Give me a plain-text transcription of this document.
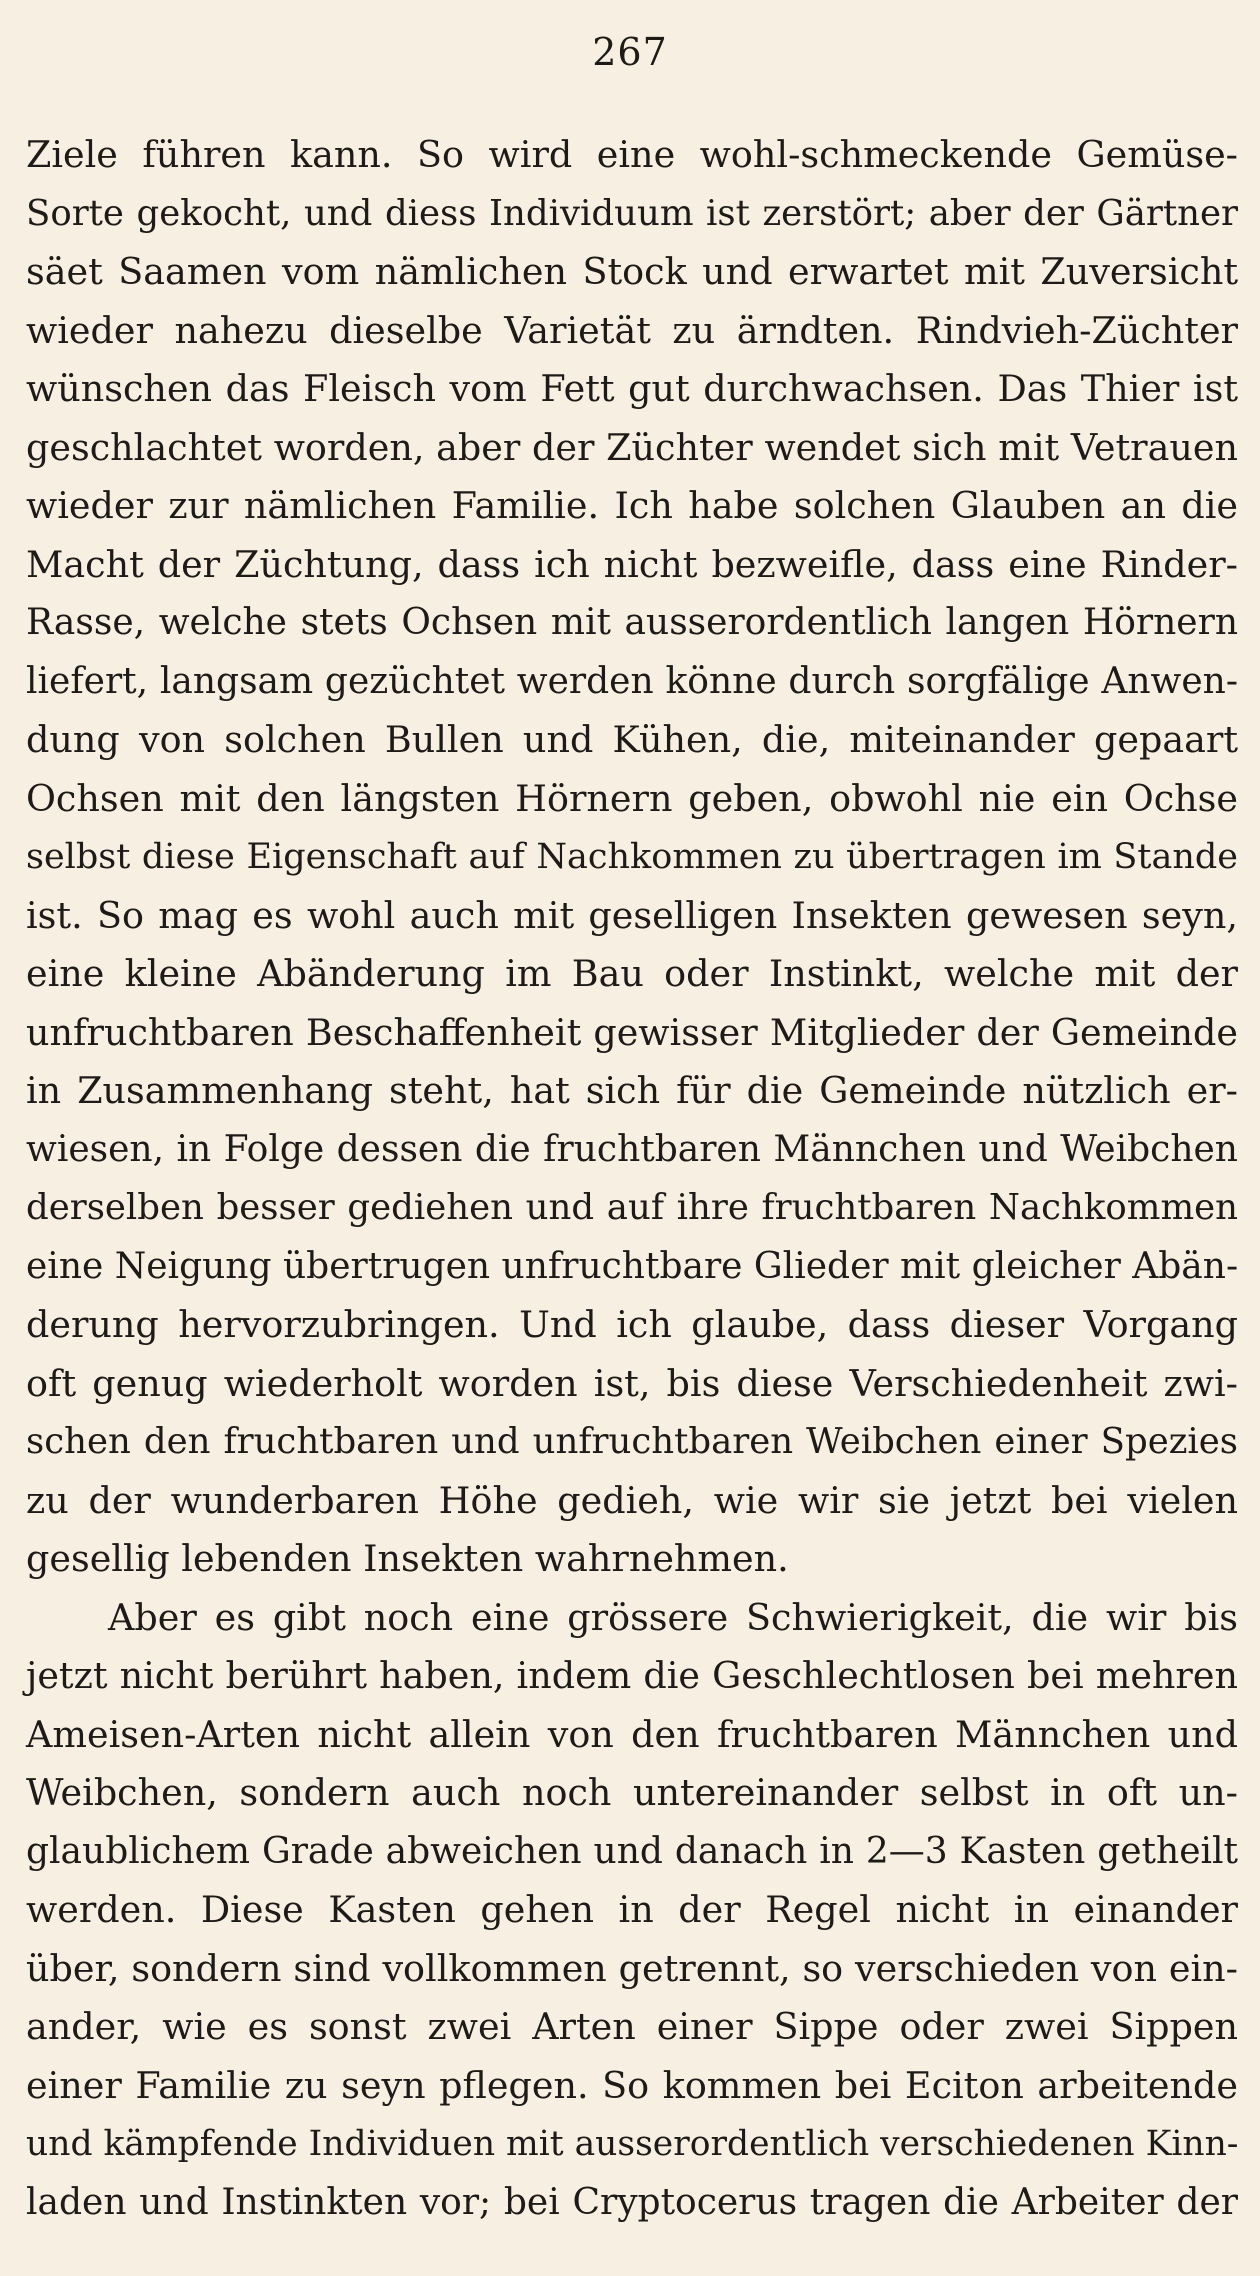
267
Ziele führen kann. So wird eine wohl-schmeckende Gemüse-
Sorte gekocht, und diess Individuum ist zerstört; aber der Gärtner
säet Saamen vom nämlichen Stock und erwartet mit Zuversicht
wieder nahezu dieselbe Varietät zu ärndten. Rindvieh-Züchter
wünschen das Fleisch vom Fett gut durchwachsen. Das Thier ist
geschlachtet worden, aber der Züchter wendet sich mit Vetrauen
wieder zur nämlichen Familie. Ich habe solchen Glauben an die
Macht der Züchtung, dass ich nicht bezweifle, dass eine Rinder-
Rasse, welche stets Ochsen mit ausserordentlich langen Hörnern
liefert, langsam gezüchtet werden könne durch sorgfälige Anwen-
dung von solchen Bullen und Kühen, die, miteinander gepaart
Ochsen mit den längsten Hörnern geben, obwohl nie ein Ochse
selbst diese Eigenschaft auf Nachkommen zu übertragen im Stande
ist. So mag es wohl auch mit geselligen Insekten gewesen seyn,
eine kleine Abänderung im Bau oder Instinkt, welche mit der
unfruchtbaren Beschaffenheit gewisser Mitglieder der Gemeinde
in Zusammenhang steht, hat sich für die Gemeinde nützlich er-
wiesen, in Folge dessen die fruchtbaren Männchen und Weibchen
derselben besser gediehen und auf ihre fruchtbaren Nachkommen
eine Neigung übertrugen unfruchtbare Glieder mit gleicher Abän-
derung hervorzubringen. Und ich glaube, dass dieser Vorgang
oft genug wiederholt worden ist, bis diese Verschiedenheit zwi-
schen den fruchtbaren und unfruchtbaren Weibchen einer Spezies
zu der wunderbaren Höhe gedieh, wie wir sie jetzt bei vielen
gesellig lebenden Insekten wahrnehmen.
Aber es gibt noch eine grössere Schwierigkeit, die wir bis
jetzt nicht berührt haben, indem die Geschlechtlosen bei mehren
Ameisen-Arten nicht allein von den fruchtbaren Männchen und
Weibchen, sondern auch noch untereinander selbst in oft un-
glaublichem Grade abweichen und danach in 2—3 Kasten getheilt
werden. Diese Kasten gehen in der Regel nicht in einander
über, sondern sind vollkommen getrennt, so verschieden von ein-
ander, wie es sonst zwei Arten einer Sippe oder zwei Sippen
einer Familie zu seyn pflegen. So kommen bei Eciton arbeitende
und kämpfende Individuen mit ausserordentlich verschiedenen Kinn-
laden und Instinkten vor; bei Cryptocerus tragen die Arbeiter der
